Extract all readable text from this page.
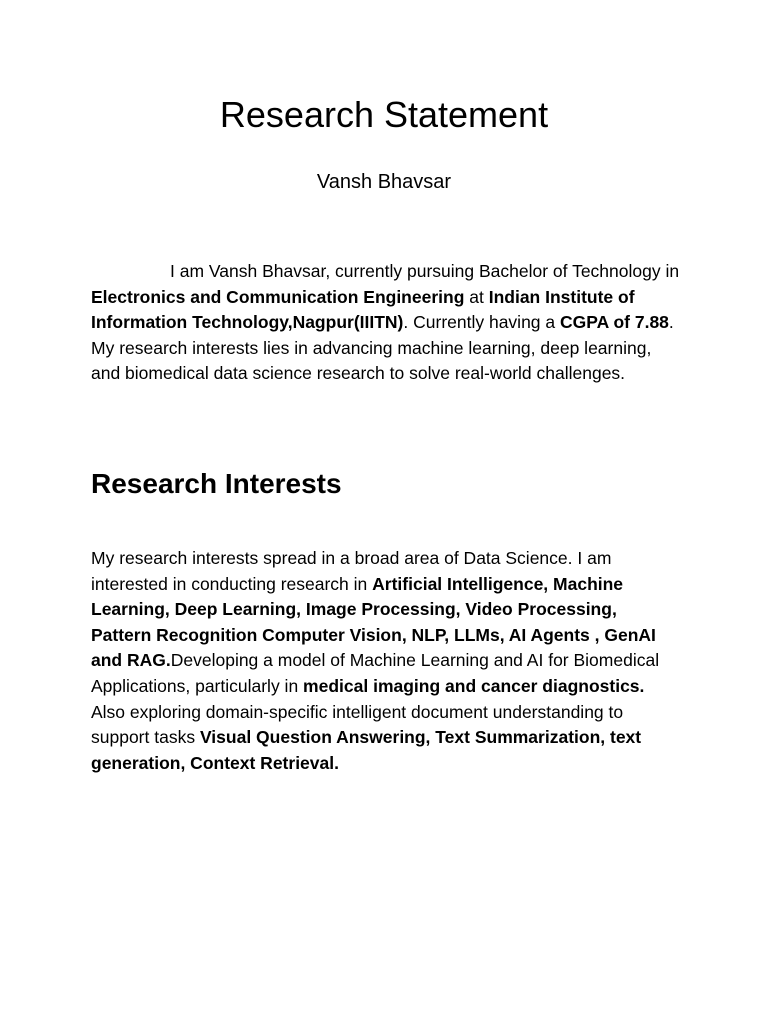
Research Statement
Vansh Bhavsar

I am Vansh Bhavsar, currently pursuing Bachelor of Technology in Electronics and Communication Engineering at Indian Institute of Information Technology,Nagpur(IIITN). Currently having a CGPA of 7.88. My research interests lies in advancing machine learning, deep learning, and biomedical data science research to solve real-world challenges.

Research Interests

My research interests spread in a broad area of Data Science. I am interested in conducting research in Artificial Intelligence, Machine Learning, Deep Learning, Image Processing, Video Processing, Pattern Recognition Computer Vision, NLP, LLMs, AI Agents , GenAI and RAG.Developing a model of Machine Learning and AI for Biomedical Applications, particularly in medical imaging and cancer diagnostics. Also exploring domain-specific intelligent document understanding to support tasks Visual Question Answering, Text Summarization, text generation, Context Retrieval.
